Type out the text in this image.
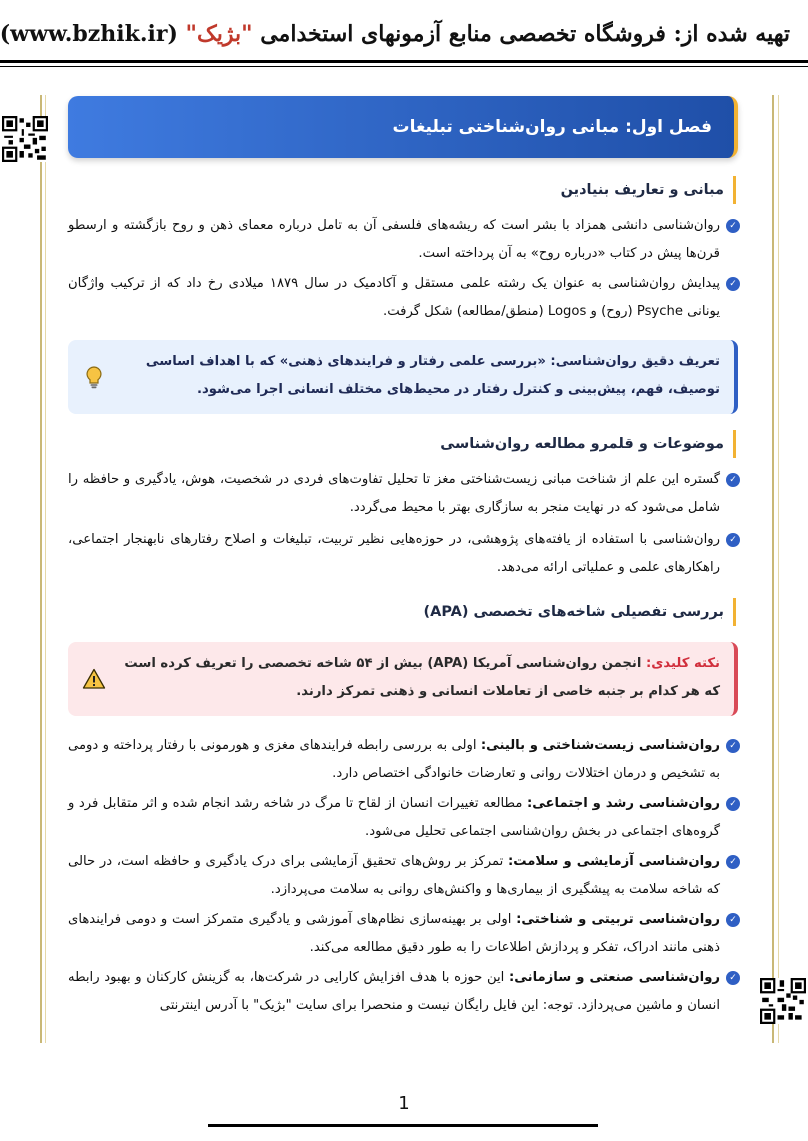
تهیه شده از: فروشگاه تخصصی منابع آزمونهای استخدامی "بژیک" (www.bzhik.ir)
فصل اول: مبانی روان‌شناختی تبلیغات
مبانی و تعاریف بنیادین
✓
روان‌شناسی دانشی همزاد با بشر است که ریشه‌های فلسفی آن به تامل درباره معمای ذهن و روح بازگشته و ارسطو قرن‌ها پیش در کتاب «درباره روح» به آن پرداخته است.
✓
پیدایش روان‌شناسی به عنوان یک رشته علمی مستقل و آکادمیک در سال ۱۸۷۹ میلادی رخ داد که از ترکیب واژگان یونانی Psyche (روح) و Logos (منطق/مطالعه) شکل گرفت.
تعریف دقیق روان‌شناسی: «بررسی علمی رفتار و فرایندهای ذهنی» که با اهداف اساسی توصیف، فهم، پیش‌بینی و کنترل رفتار در محیط‌های مختلف انسانی اجرا می‌شود.
موضوعات و قلمرو مطالعه روان‌شناسی
✓
گستره این علم از شناخت مبانی زیست‌شناختی مغز تا تحلیل تفاوت‌های فردی در شخصیت، هوش، یادگیری و حافظه را شامل می‌شود که در نهایت منجر به سازگاری بهتر با محیط می‌گردد.
✓
روان‌شناسی با استفاده از یافته‌های پژوهشی، در حوزه‌هایی نظیر تربیت، تبلیغات و اصلاح رفتارهای نابهنجار اجتماعی، راهکارهای علمی و عملیاتی ارائه می‌دهد.
بررسی تفصیلی شاخه‌های تخصصی (APA)
نکته کلیدی: انجمن روان‌شناسی آمریکا (APA) بیش از ۵۴ شاخه تخصصی را تعریف کرده است که هر کدام بر جنبه خاصی از تعاملات انسانی و ذهنی تمرکز دارند.
✓
روان‌شناسی زیست‌شناختی و بالینی: اولی به بررسی رابطه فرایندهای مغزی و هورمونی با رفتار پرداخته و دومی به تشخیص و درمان اختلالات روانی و تعارضات خانوادگی اختصاص دارد.
✓
روان‌شناسی رشد و اجتماعی: مطالعه تغییرات انسان از لقاح تا مرگ در شاخه رشد انجام شده و اثر متقابل فرد و گروه‌های اجتماعی در بخش روان‌شناسی اجتماعی تحلیل می‌شود.
✓
روان‌شناسی آزمایشی و سلامت: تمرکز بر روش‌های تحقیق آزمایشی برای درک یادگیری و حافظه است، در حالی که شاخه سلامت به پیشگیری از بیماری‌ها و واکنش‌های روانی به سلامت می‌پردازد.
✓
روان‌شناسی تربیتی و شناختی: اولی بر بهینه‌سازی نظام‌های آموزشی و یادگیری متمرکز است و دومی فرایندهای ذهنی مانند ادراک، تفکر و پردازش اطلاعات را به طور دقیق مطالعه می‌کند.
✓
روان‌شناسی صنعتی و سازمانی: این حوزه با هدف افزایش کارایی در شرکت‌ها، به گزینش کارکنان و بهبود رابطه انسان و ماشین می‌پردازد. توجه: این فایل رایگان نیست و منحصرا برای سایت "بژیک" با آدرس اینترنتی
1
